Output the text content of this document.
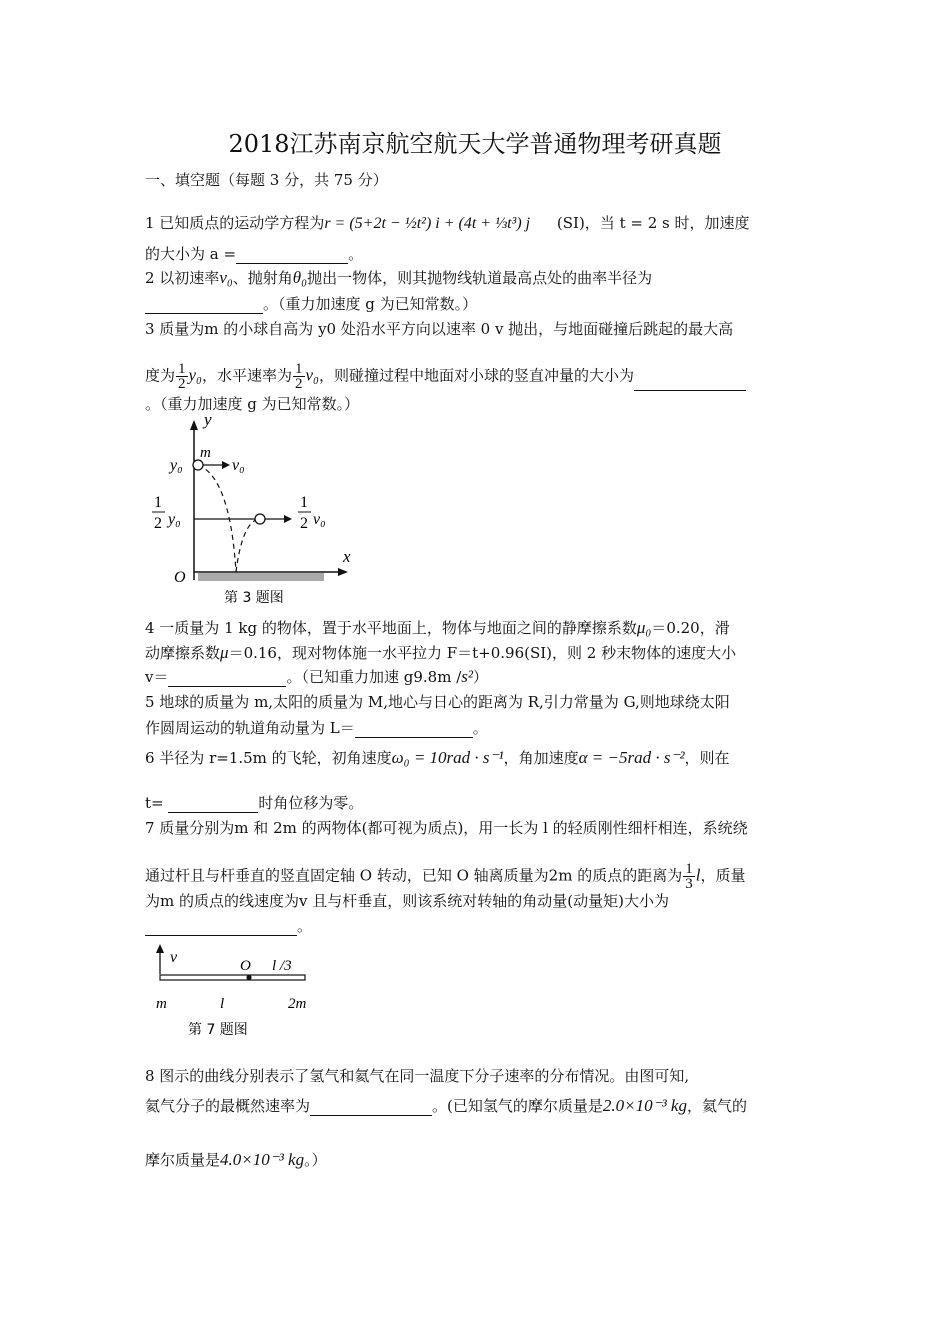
2018江苏南京航空航天大学普通物理考研真题
一、填空题（每题 3 分，共 75 分）
1 已知质点的运动学方程为r = (5+2t − ½t²) i + (4t + ⅓t³) j (SI)，当 t = 2 s 时，加速度
的大小为 a =	。
2 以初速率v₀、抛射角θ₀抛出一物体，则其抛物线轨道最高点处的曲率半径为
。（重力加速度 g 为已知常数。）
3 质量为m 的小球自高为 y0 处沿水平方向以速率 0 v 抛出，与地面碰撞后跳起的最大高
度为 $\frac{1}{2} y_0$，水平速率为 $\frac{1}{2} v_0$，则碰撞过程中地面对小球的竖直冲量的大小为
。（重力加速度 g 为已知常数。）
y
x
O
m
y₀	v₀
1
2 y₀
1
2 v₀
第 3 题图
4 一质量为 1 kg 的物体，置于水平地面上，物体与地面之间的静摩擦系数μ₀＝0.20，滑
动摩擦系数μ＝0.16，现对物体施一水平拉力 F＝t+0.96(SI)，则 2 秒末物体的速度大小
v＝	。（已知重力加速 g9.8m /s²）
5 地球的质量为 m,太阳的质量为 M,地心与日心的距离为 R,引力常量为 G,则地球绕太阳
作圆周运动的轨道角动量为 L＝	。
6 半径为 r=1.5m 的飞轮，初角速度ω₀ = 10rad · s⁻¹，角加速度α = −5rad · s⁻²，则在
t=	时角位移为零。
7 质量分别为m 和 2m 的两物体(都可视为质点)，用一长为 l 的轻质刚性细杆相连，系统绕
通过杆且与杆垂直的竖直固定轴 O 转动，已知 O 轴离质量为2m 的质点的距离为 $\frac{1}{3}$ l，质量
为m 的质点的线速度为v 且与杆垂直，则该系统对转轴的角动量(动量矩)大小为
。
v	O l /3
m	l	2m
第 7 题图
8 图示的曲线分别表示了氢气和氦气在同一温度下分子速率的分布情况。由图可知,
氦气分子的最概然速率为	。(已知氢气的摩尔质量是2.0×10⁻³ kg，氦气的
摩尔质量是4.0×10⁻³ kg。）
